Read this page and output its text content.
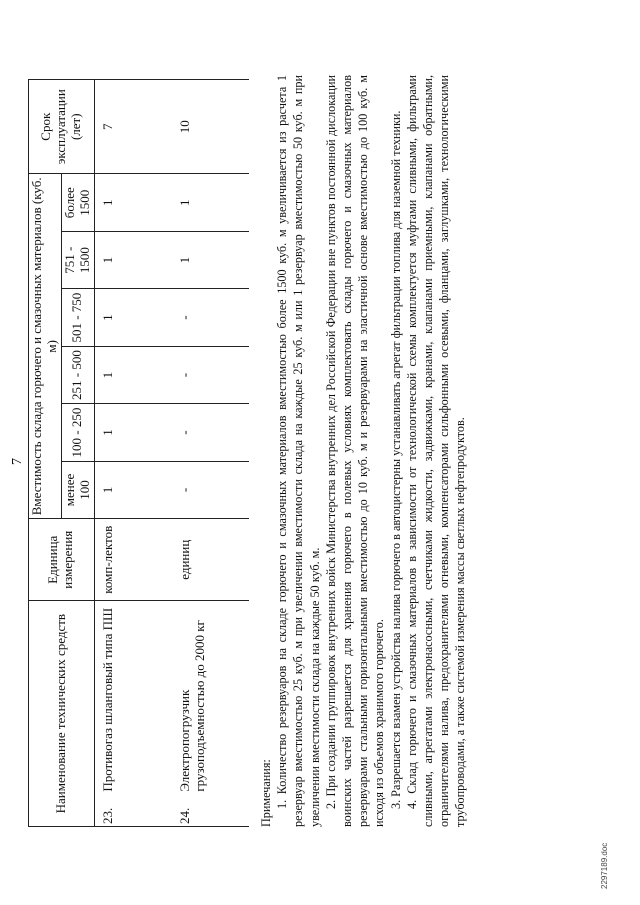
7
Наименование технических средств		Единица измерения	Вместимость склада горючего и смазочных материалов (куб. м)						Срок эксплуатации (лет)
			менее 100	100 - 250	251 - 500	501 - 750	751 - 1500	более 1500	
23.	Противогаз шланговый типа ПШ	комп-лектов	1	1	1	1	1	1	7
24.	Электропогрузчик грузоподъемностью до 2000 кг	единиц	-	-	-	-	1	1	10

Примечания: 1. Количество резервуаров на складе горючего и смазочных материалов вместимостью более 1500 куб. м увеличивается из расчета 1 резервуар вместимостью 25 куб. м при увеличении вместимости склада на каждые 25 куб. м или 1 резервуар вместимостью 50 куб. м при увеличении вместимости склада на каждые 50 куб. м. 2. При создании группировок внутренних войск Министерства внутренних дел Российской Федерации вне пунктов постоянной дислокации воинских частей разрешается для хранения горючего в полевых условиях комплектовать склады горючего и смазочных материалов резервуарами стальными горизонтальными вместимостью до 10 куб. м и резервуарами на эластичной основе вместимостью до 100 куб. м исходя из объемов хранимого горючего. 3. Разрешается взамен устройства налива горючего в автоцистерны устанавливать агрегат фильтрации топлива для наземной техники. 4. Склад горючего и смазочных материалов в зависимости от технологической схемы комплектуется муфтами сливными, фильтрами сливными, агрегатами электронасосными, счетчиками жидкости, задвижками, кранами, клапанами приемными, клапанами обратными, ограничителями налива, предохранителями огневыми, компенсаторами сильфонными осевыми, фланцами, заглушками, технологическими трубопроводами, а также системой измерения массы светлых нефтепродуктов.

2297189.doc
